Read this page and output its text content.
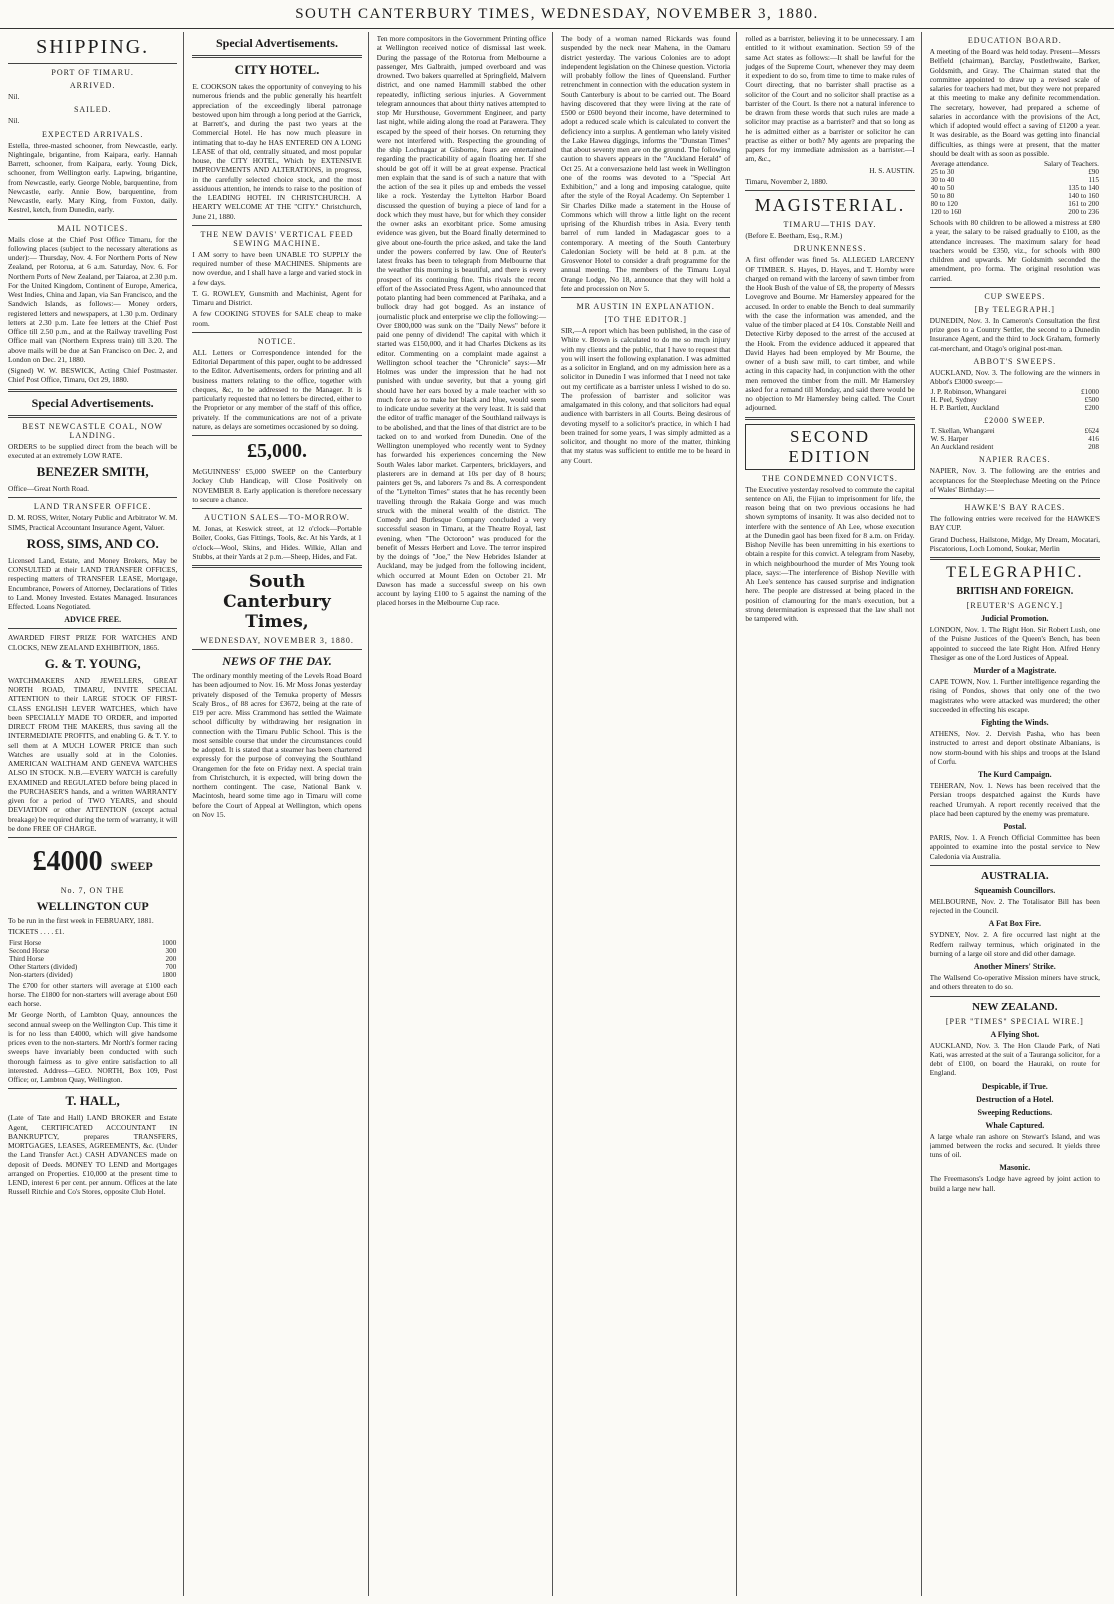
SOUTH CANTERBURY TIMES, WEDNESDAY, NOVEMBER 3, 1880.
SHIPPING.
PORT OF TIMARU.
ARRIVED.

Nil.

SAILED.

Nil.

EXPECTED ARRIVALS.

Estella, three-masted schooner, from Newcastle, early. Nightingale, brigantine, from Kaipara, early. Hannah Barrett, schooner, from Kaipara, early. Young Dick, schooner, from Wellington early. Lapwing, brigantine, from Newcastle, early. George Noble, barquentine, from Newcastle, early. Annie Bow, barquentine, from Newcastle, early. Mary King, from Foxton, daily. Kestrel, ketch, from Dunedin, early.

MAIL NOTICES.

Mails close at the Chief Post Office Timaru, for the following places (subject to the necessary alterations as under):— Thursday, Nov. 4. For Northern Ports of New Zealand, per Rotorua, at 6 a.m. Saturday, Nov. 6. For Northern Ports of New Zealand, per Taiaroa, at 2.30 p.m. For the United Kingdom, Continent of Europe, America, West Indies, China and Japan, via San Francisco, and the Sandwich Islands, as follows:— Money orders, registered letters and newspapers, at 1.30 p.m. Ordinary letters at 2.30 p.m. Late fee letters at the Chief Post Office till 2.50 p.m., and at the Railway travelling Post Office mail van (Northern Express train) till 3.20. The above mails will be due at San Francisco on Dec. 2, and London on Dec. 21, 1880.

(Signed) W. W. BESWICK, Acting Chief Postmaster. Chief Post Office, Timaru, Oct 29, 1880.

Special Advertisements.
BEST NEWCASTLE COAL, NOW LANDING.

ORDERS to be supplied direct from the beach will be executed at an extremely LOW RATE.

BENEZER SMITH,

Office—Great North Road.

LAND TRANSFER OFFICE.

D. M. ROSS, Writer, Notary Public and Arbitrator W. M. SIMS, Practical Accountant Insurance Agent, Valuer.

ROSS, SIMS, AND CO.

Licensed Land, Estate, and Money Brokers, May be CONSULTED at their LAND TRANSFER OFFICES, respecting matters of TRANSFER LEASE, Mortgage, Encumbrance, Powers of Attorney, Declarations of Titles to Land. Money Invested. Estates Managed. Insurances Effected. Loans Negotiated.

ADVICE FREE.

AWARDED FIRST PRIZE FOR WATCHES AND CLOCKS, NEW ZEALAND EXHIBITION, 1865.

G. & T. YOUNG,

WATCHMAKERS AND JEWELLERS, GREAT NORTH ROAD, TIMARU, INVITE SPECIAL ATTENTION to their LARGE STOCK OF FIRST-CLASS ENGLISH LEVER WATCHES, which have been SPECIALLY MADE TO ORDER, and imported DIRECT FROM THE MAKERS, thus saving all the INTERMEDIATE PROFITS, and enabling G. & T. Y. to sell them at A MUCH LOWER PRICE than such Watches are usually sold at in the Colonies. AMERICAN WALTHAM AND GENEVA WATCHES ALSO IN STOCK. N.B.—EVERY WATCH is carefully EXAMINED and REGULATED before being placed in the PURCHASER'S hands, and a written WARRANTY given for a period of TWO YEARS, and should DEVIATION or other ATTENTION (except actual breakage) be required during the term of warranty, it will be done FREE OF CHARGE.

£4000 SWEEP
No. 7, ON THE
WELLINGTON CUP

To be run in the first week in FEBRUARY, 1881.

TICKETS . . . . £1.

First Horse	1000
Second Horse	300
Third Horse	200
Other Starters (divided)	700
Non-starters (divided)	1800

The £700 for other starters will average at £100 each horse. The £1800 for non-starters will average about £60 each horse.

Mr George North, of Lambton Quay, announces the second annual sweep on the Wellington Cup. This time it is for no less than £4000, which will give handsome prices even to the non-starters. Mr North's former racing sweeps have invariably been conducted with such thorough fairness as to give entire satisfaction to all interested. Address—GEO. NORTH, Box 109, Post Office; or, Lambton Quay, Wellington.

T. HALL,

(Late of Tate and Hall) LAND BROKER and Estate Agent, CERTIFICATED ACCOUNTANT IN BANKRUPTCY, prepares TRANSFERS, MORTGAGES, LEASES, AGREEMENTS, &c. (Under the Land Transfer Act.) CASH ADVANCES made on deposit of Deeds. MONEY TO LEND and Mortgages arranged on Properties. £10,000 at the present time to LEND, interest 6 per cent. per annum. Offices at the late Russell Ritchie and Co's Stores, opposite Club Hotel.

Special Advertisements.
CITY HOTEL.

E. COOKSON takes the opportunity of conveying to his numerous friends and the public generally his heartfelt appreciation of the exceedingly liberal patronage bestowed upon him through a long period at the Garrick, at Barrett's, and during the past two years at the Commercial Hotel. He has now much pleasure in intimating that to-day he HAS ENTERED ON A LONG LEASE of that old, centrally situated, and most popular house, the CITY HOTEL, Which by EXTENSIVE IMPROVEMENTS AND ALTERATIONS, in progress, in the carefully selected choice stock, and the most assiduous attention, he intends to raise to the position of the LEADING HOTEL IN CHRISTCHURCH. A HEARTY WELCOME AT THE "CITY." Christchurch, June 21, 1880.

THE NEW DAVIS' VERTICAL FEED SEWING MACHINE.

I AM sorry to have been UNABLE TO SUPPLY the required number of these MACHINES. Shipments are now overdue, and I shall have a large and varied stock in a few days.

T. G. ROWLEY, Gunsmith and Machinist, Agent for Timaru and District.

A few COOKING STOVES for SALE cheap to make room.

NOTICE.

ALL Letters or Correspondence intended for the Editorial Department of this paper, ought to be addressed to the Editor. Advertisements, orders for printing and all business matters relating to the office, together with cheques, &c, to be addressed to the Manager. It is particularly requested that no letters be directed, either to the Proprietor or any member of the staff of this office, privately. If the communications are not of a private nature, as delays are sometimes occasioned by so doing.

£5,000.

McGUINNESS' £5,000 SWEEP on the Canterbury Jockey Club Handicap, will Close Positively on NOVEMBER 8. Early application is therefore necessary to secure a chance.

AUCTION SALES—TO-MORROW.

M. Jonas, at Keswick street, at 12 o'clock—Portable Boiler, Cooks, Gas Fittings, Tools, &c. At his Yards, at 1 o'clock—Wool, Skins, and Hides. Wilkie, Allan and Stubbs, at their Yards at 2 p.m.—Sheep, Hides, and Fat.

South Canterbury Times,
WEDNESDAY, NOVEMBER 3, 1880.
NEWS OF THE DAY.

The ordinary monthly meeting of the Levels Road Board has been adjourned to Nov. 16. Mr Moss Jonas yesterday privately disposed of the Temuka property of Messrs Scaly Bros., of 88 acres for £3672, being at the rate of £19 per acre. Miss Crammond has settled the Waimate school difficulty by withdrawing her resignation in connection with the Timaru Public School. This is the most sensible course that under the circumstances could be adopted. It is stated that a steamer has been chartered expressly for the purpose of conveying the Southland Orangemen for the fete on Friday next. A special train from Christchurch, it is expected, will bring down the northern contingent. The case, National Bank v. Macintosh, heard some time ago in Timaru will come before the Court of Appeal at Wellington, which opens on Nov 15.

Ten more compositors in the Government Printing office at Wellington received notice of dismissal last week. During the passage of the Rotorua from Melbourne a passenger, Mrs Galbraith, jumped overboard and was drowned. Two bakers quarrelled at Springfield, Malvern district, and one named Hammill stabbed the other repeatedly, inflicting serious injuries. A Government telegram announces that about thirty natives attempted to stop Mr Hursthouse, Government Engineer, and party last night, while aiding along the road at Parawera. They escaped by the speed of their horses. On returning they were not interfered with. Respecting the grounding of the ship Lochnagar at Gisborne, fears are entertained regarding the practicability of again floating her. If she should be got off it will be at great expense. Practical men explain that the sand is of such a nature that with the action of the sea it piles up and embeds the vessel like a rock. Yesterday the Lyttelton Harbor Board discussed the question of buying a piece of land for a dock which they must have, but for which they consider the owner asks an exorbitant price. Some amusing evidence was given, but the Board finally determined to give about one-fourth the price asked, and take the land under the powers conferred by law. One of Reuter's latest freaks has been to telegraph from Melbourne that the weather this morning is beautiful, and there is every prospect of its continuing fine. This rivals the recent effort of the Associated Press Agent, who announced that potato planting had been commenced at Parihaka, and a bullock dray had got bogged. As an instance of journalistic pluck and enterprise we clip the following:—Over £800,000 was sunk on the "Daily News" before it paid one penny of dividend! The capital with which it started was £150,000, and it had Charles Dickens as its editor. Commenting on a complaint made against a Wellington school teacher the "Chronicle" says:—Mr Holmes was under the impression that he had not punished with undue severity, but that a young girl should have her ears boxed by a male teacher with so much force as to make her black and blue, would seem to indicate undue severity at the very least. It is said that the editor of traffic manager of the Southland railways is to be abolished, and that the lines of that district are to be tacked on to and worked from Dunedin. One of the Wellington unemployed who recently went to Sydney has forwarded his experiences concerning the New South Wales labor market. Carpenters, bricklayers, and plasterers are in demand at 10s per day of 8 hours; painters get 9s, and laborers 7s and 8s. A correspondent of the "Lyttelton Times" states that he has recently been travelling through the Rakaia Gorge and was much struck with the mineral wealth of the district. The Comedy and Burlesque Company concluded a very successful season in Timaru, at the Theatre Royal, last evening, when "The Octoroon" was produced for the benefit of Messrs Herbert and Love. The terror inspired by the doings of "Joe," the New Hebrides Islander at Auckland, may be judged from the following incident, which occurred at Mount Eden on October 21. Mr Dawson has made a successful sweep on his own account by laying £100 to 5 against the naming of the placed horses in the Melbourne Cup race.

The body of a woman named Rickards was found suspended by the neck near Mahena, in the Oamaru district yesterday. The various Colonies are to adopt independent legislation on the Chinese question. Victoria will probably follow the lines of Queensland. Further retrenchment in connection with the education system in South Canterbury is about to be carried out. The Board having discovered that they were living at the rate of £500 or £600 beyond their income, have determined to adopt a reduced scale which is calculated to convert the deficiency into a surplus. A gentleman who lately visited the Lake Hawea diggings, informs the "Dunstan Times" that about seventy men are on the ground. The following caution to shavers appears in the "Auckland Herald" of Oct 25. At a conversazione held last week in Wellington one of the rooms was devoted to a "Special Art Exhibition," and a long and imposing catalogue, quite after the style of the Royal Academy. On September 1 Sir Charles Dilke made a statement in the House of Commons which will throw a little light on the recent uprising of the Khurdish tribes in Asia. Every tenth barrel of rum landed in Madagascar goes to a contemporary. A meeting of the South Canterbury Caledonian Society will be held at 8 p.m. at the Grosvenor Hotel to consider a draft programme for the annual meeting. The members of the Timaru Loyal Orange Lodge, No 18, announce that they will hold a fete and procession on Nov 5.

MR AUSTIN IN EXPLANATION.
[TO THE EDITOR.]

SIR,—A report which has been published, in the case of White v. Brown is calculated to do me so much injury with my clients and the public, that I have to request that you will insert the following explanation. I was admitted as a solicitor in England, and on my admission here as a solicitor in Dunedin I was informed that I need not take out my certificate as a barrister unless I wished to do so. The profession of barrister and solicitor was amalgamated in this colony, and that solicitors had equal audience with barristers in all Courts. Being desirous of devoting myself to a solicitor's practice, in which I had been trained for some years, I was simply admitted as a solicitor, and thought no more of the matter, thinking that my status was sufficient to entitle me to be heard in any Court.

rolled as a barrister, believing it to be unnecessary. I am entitled to it without examination. Section 59 of the same Act states as follows:—It shall be lawful for the judges of the Supreme Court, whenever they may deem it expedient to do so, from time to time to make rules of Court directing, that no barrister shall practise as a solicitor of the Court and no solicitor shall practise as a barrister of the Court. Is there not a natural inference to be drawn from these words that such rules are made a solicitor may practise as a barrister? and that so long as he is admitted either as a barrister or solicitor he can practise as either or both? My agents are preparing the papers for my immediate admission as a barrister.—I am, &c.,

H. S. AUSTIN.

Timaru, November 2, 1880.

MAGISTERIAL.
TIMARU—THIS DAY.

(Before E. Beetham, Esq., R.M.)

DRUNKENNESS.

A first offender was fined 5s. ALLEGED LARCENY OF TIMBER. S. Hayes, D. Hayes, and T. Hornby were charged on remand with the larceny of sawn timber from the Hook Bush of the value of £8, the property of Messrs Lovegrove and Bourne. Mr Hamersley appeared for the accused. In order to enable the Bench to deal summarily with the case the information was amended, and the value of the timber placed at £4 10s. Constable Neill and Detective Kirby deposed to the arrest of the accused at the Hook. From the evidence adduced it appeared that David Hayes had been employed by Mr Bourne, the owner of a bush saw mill, to cart timber, and while acting in this capacity had, in conjunction with the other men removed the timber from the mill. Mr Hamersley asked for a remand till Monday, and said there would be no objection to Mr Hamersley being called. The Court adjourned.

SECOND EDITION
THE CONDEMNED CONVICTS.

The Executive yesterday resolved to commute the capital sentence on Ali, the Fijian to imprisonment for life, the reason being that on two previous occasions he had shown symptoms of insanity. It was also decided not to interfere with the sentence of Ah Lee, whose execution at the Dunedin gaol has been fixed for 8 a.m. on Friday. Bishop Neville has been unremitting in his exertions to obtain a respite for this convict. A telegram from Naseby, in which neighbourhood the murder of Mrs Young took place, says:—The interference of Bishop Neville with Ah Lee's sentence has caused surprise and indignation here. The people are distressed at being placed in the position of clamouring for the man's execution, but a strong determination is expressed that the law shall not be tampered with.

EDUCATION BOARD.

A meeting of the Board was held today. Present—Messrs Belfield (chairman), Barclay, Postlethwaite, Barker, Goldsmith, and Gray. The Chairman stated that the committee appointed to draw up a revised scale of salaries for teachers had met, but they were not prepared at this meeting to make any definite recommendation. The secretary, however, had prepared a scheme of salaries in accordance with the provisions of the Act, which if adopted would effect a saving of £1200 a year. It was desirable, as the Board was getting into financial difficulties, as things were at present, that the matter should be dealt with as soon as possible.

Average attendance.	Salary of Teachers.
25 to 30	£90
30 to 40	115
40 to 50	135 to 140
50 to 80	140 to 160
80 to 120	161 to 200
120 to 160	200 to 236

Schools with 80 children to be allowed a mistress at £80 a year, the salary to be raised gradually to £100, as the attendance increases. The maximum salary for head teachers would be £350, viz., for schools with 800 children and upwards. Mr Goldsmith seconded the amendment, pro forma. The original resolution was carried.

CUP SWEEPS.
[By TELEGRAPH.]

DUNEDIN, Nov. 3. In Cameron's Consultation the first prize goes to a Country Settler, the second to a Dunedin Insurance Agent, and the third to Jock Graham, formerly cat-merchant, and Otago's original post-man.

ABBOT'S SWEEPS.

AUCKLAND, Nov. 3. The following are the winners in Abbot's £3000 sweep:—

J. P. Robinson, Whangarei	£1000
H. Peel, Sydney	£500
H. P. Bartlett, Auckland	£200
£2000 SWEEP.
T. Skellan, Whangarei	£624
W. S. Harper	416
An Auckland resident	208
NAPIER RACES.

NAPIER, Nov. 3. The following are the entries and acceptances for the Steeplechase Meeting on the Prince of Wales' Birthday:—

HAWKE'S BAY RACES.

The following entries were received for the HAWKE'S BAY CUP.

Grand Duchess, Hailstone, Midge, My Dream, Mocatari, Piscatorious, Loch Lomond, Soukar, Merlin

TELEGRAPHIC.
BRITISH AND FOREIGN.
[REUTER'S AGENCY.]
Judicial Promotion.

LONDON, Nov. 1. The Right Hon. Sir Robert Lush, one of the Puisne Justices of the Queen's Bench, has been appointed to succeed the late Right Hon. Alfred Henry Thesiger as one of the Lord Justices of Appeal.

Murder of a Magistrate.

CAPE TOWN, Nov. 1. Further intelligence regarding the rising of Pondos, shows that only one of the two magistrates who were attacked was murdered; the other succeeded in effecting his escape.

Fighting the Winds.

ATHENS, Nov. 2. Dervish Pasha, who has been instructed to arrest and deport obstinate Albanians, is now storm-bound with his ships and troops at the Island of Corfu.

The Kurd Campaign.

TEHERAN, Nov. 1. News has been received that the Persian troops despatched against the Kurds have reached Urumyah. A report recently received that the place had been captured by the enemy was premature.

Postal.

PARIS, Nov. 1. A French Official Committee has been appointed to examine into the postal service to New Caledonia via Australia.

AUSTRALIA.
Squeamish Councillors.

MELBOURNE, Nov. 2. The Totalisator Bill has been rejected in the Council.

A Fat Box Fire.

SYDNEY, Nov. 2. A fire occurred last night at the Redfern railway terminus, which originated in the burning of a large oil store and did other damage.

Another Miners' Strike.

The Wallsend Co-operative Mission miners have struck, and others threaten to do so.

NEW ZEALAND.
[PER "TIMES" SPECIAL WIRE.]
A Flying Shot.

AUCKLAND, Nov. 3. The Hon Claude Park, of Nati Kati, was arrested at the suit of a Tauranga solicitor, for a debt of £100, on board the Hauraki, on route for England.

Despicable, if True.
Destruction of a Hotel.
Sweeping Reductions.
Whale Captured.

A large whale ran ashore on Stewart's Island, and was jammed between the rocks and secured. It yields three tuns of oil.

Masonic.

The Freemasons's Lodge have agreed by joint action to build a large new hall.
